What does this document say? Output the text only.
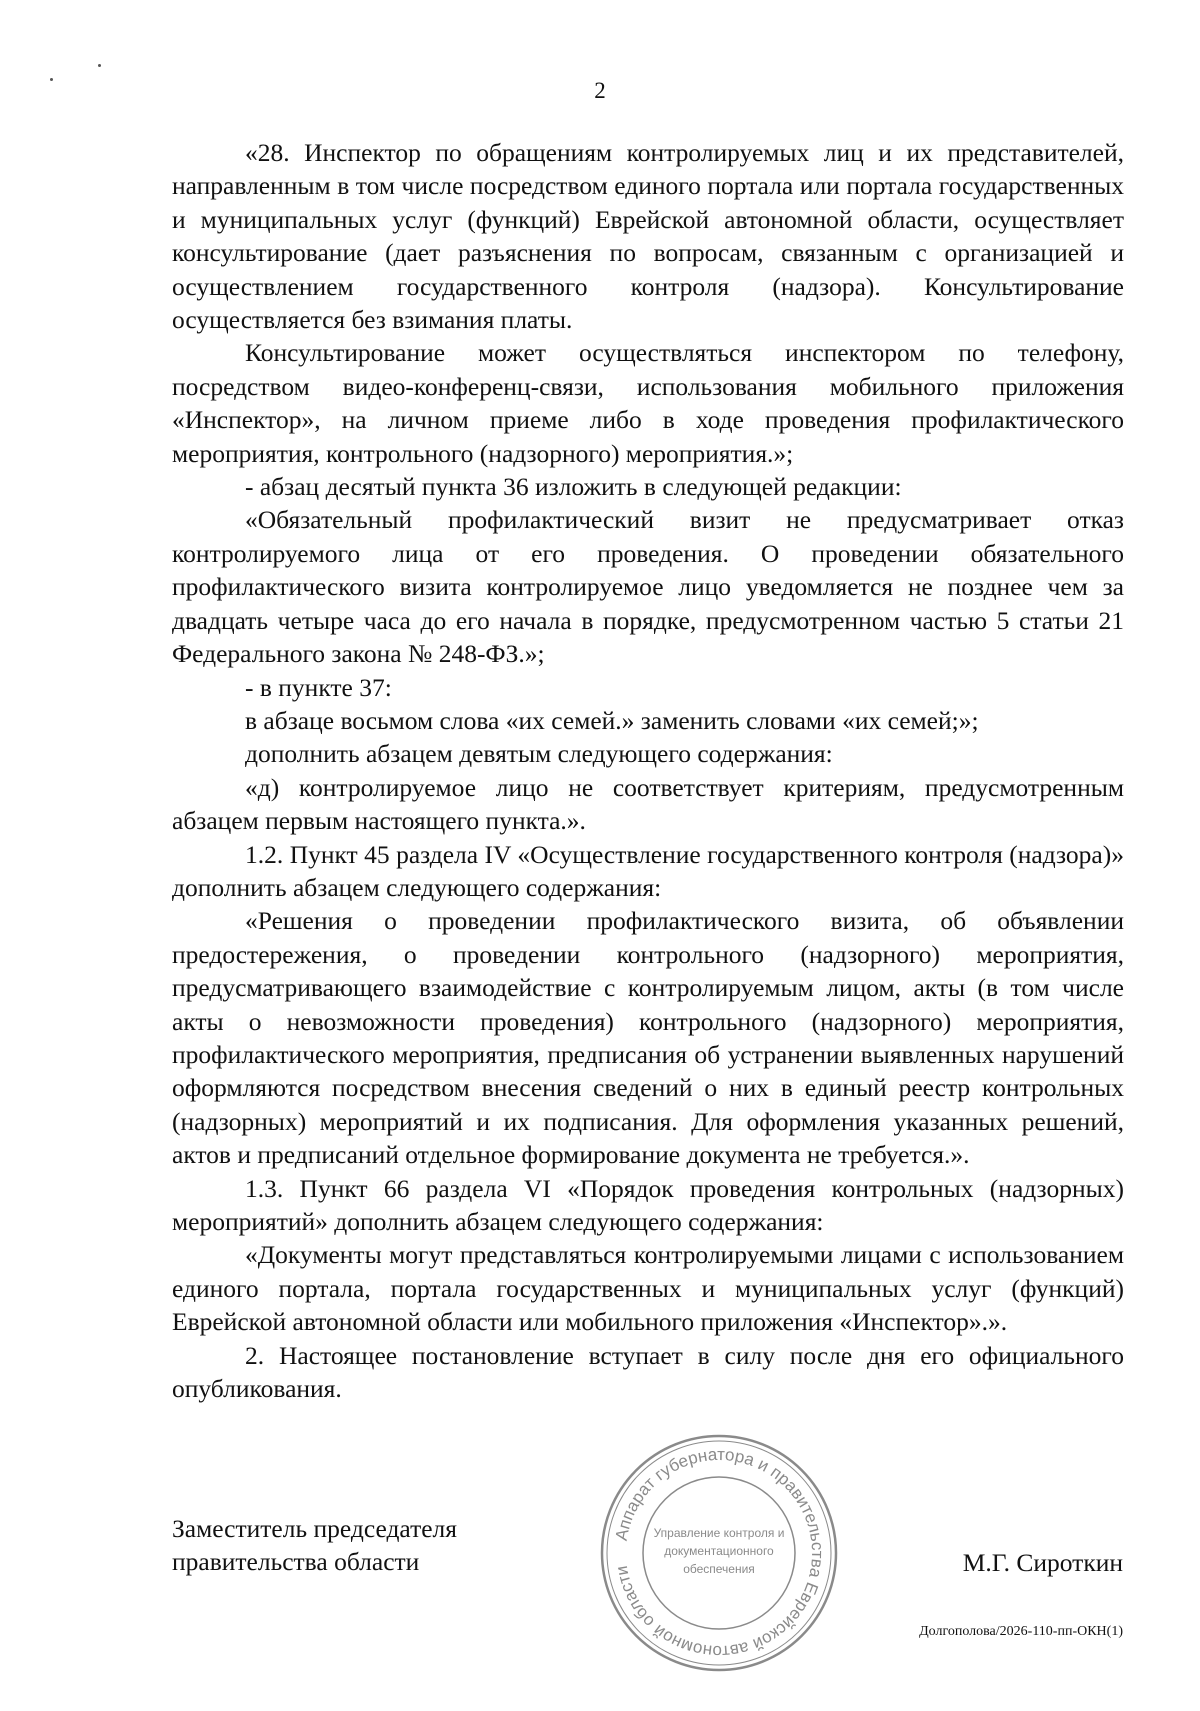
2

«28. Инспектор по обращениям контролируемых лиц и их представителей, направленным в том числе посредством единого портала или портала государственных и муниципальных услуг (функций) Еврейской автономной области, осуществляет консультирование (дает разъяснения по вопросам, связанным с организацией и осуществлением государственного контроля (надзора). Консультирование осуществляется без взимания платы.

Консультирование может осуществляться инспектором по телефону, посредством видео-конференц-связи, использования мобильного приложения «Инспектор», на личном приеме либо в ходе проведения профилактического мероприятия, контрольного (надзорного) мероприятия.»;

- абзац десятый пункта 36 изложить в следующей редакции:

«Обязательный профилактический визит не предусматривает отказ контролируемого лица от его проведения. О проведении обязательного профилактического визита контролируемое лицо уведомляется не позднее чем за двадцать четыре часа до его начала в порядке, предусмотренном частью 5 статьи 21 Федерального закона № 248-ФЗ.»;

- в пункте 37:

в абзаце восьмом слова «их семей.» заменить словами «их семей;»;

дополнить абзацем девятым следующего содержания:

«д) контролируемое лицо не соответствует критериям, предусмотренным абзацем первым настоящего пункта.».

1.2. Пункт 45 раздела IV «Осуществление государственного контроля (надзора)» дополнить абзацем следующего содержания:

«Решения о проведении профилактического визита, об объявлении предостережения, о проведении контрольного (надзорного) мероприятия, предусматривающего взаимодействие с контролируемым лицом, акты (в том числе акты о невозможности проведения) контрольного (надзорного) мероприятия, профилактического мероприятия, предписания об устранении выявленных нарушений оформляются посредством внесения сведений о них в единый реестр контрольных (надзорных) мероприятий и их подписания. Для оформления указанных решений, актов и предписаний отдельное формирование документа не требуется.».

1.3. Пункт 66 раздела VI «Порядок проведения контрольных (надзорных) мероприятий» дополнить абзацем следующего содержания:

«Документы могут представляться контролируемыми лицами с использованием единого портала, портала государственных и муниципальных услуг (функций) Еврейской автономной области или мобильного приложения «Инспектор».».

2. Настоящее постановление вступает в силу после дня его официального опубликования.

Заместитель председателя
правительства области
Аппарат губернатора и правительства Еврейской автономной области
Управление контроля и
документационного
обеспечения	М.Г. Сироткин
Долгополова/2026-110-пп-ОКН(1)
